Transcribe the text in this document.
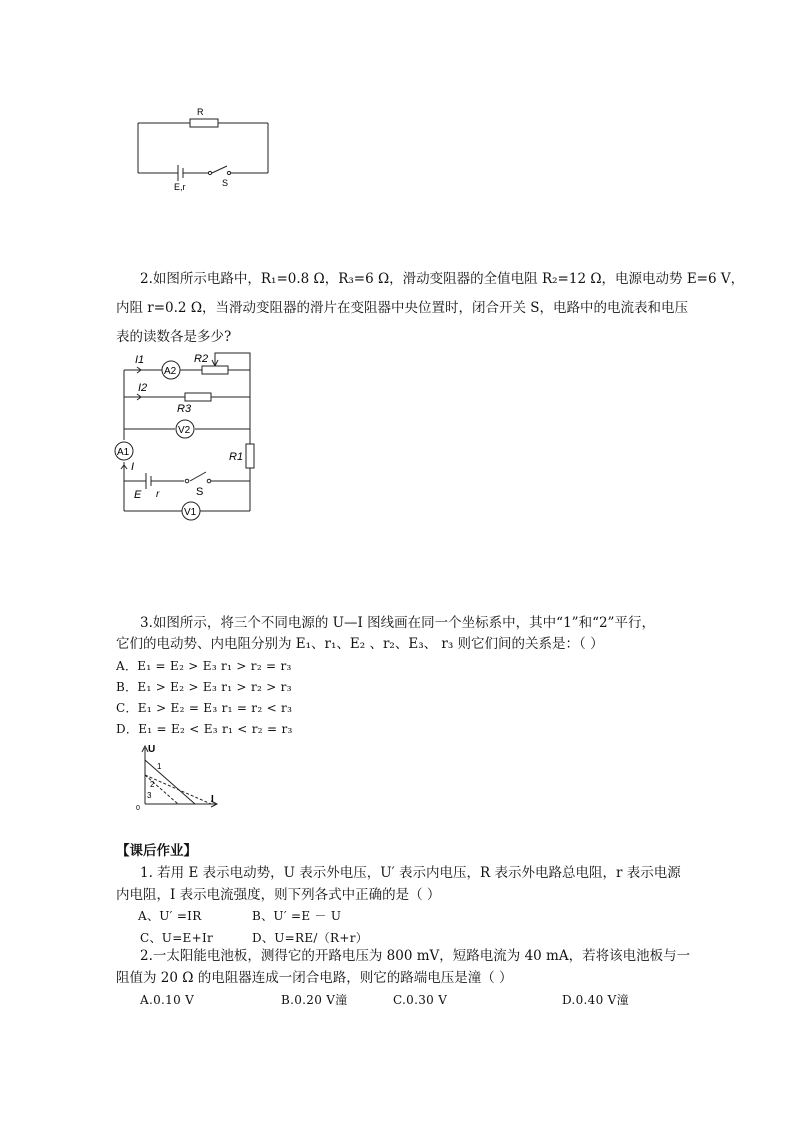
R
E,r	S
2.如图所示电路中，R₁=0.8 Ω，R₃=6 Ω，滑动变阻器的全值电阻 R₂=12 Ω，电源电动势 E=6 V，
内阻 r=0.2 Ω，当滑动变阻器的滑片在变阻器中央位置时，闭合开关 S，电路中的电流表和电压
表的读数各是多少?
I1
A2
R2
I2
R3
V2
A1
I
R1
E r	S
V1
3.如图所示，将三个不同电源的 U—I 图线画在同一个坐标系中，其中“1”和“2”平行，
它们的电动势、内电阻分别为 E₁、r₁、E₂ 、r₂、E₃、 r₃ 则它们间的关系是：（ ）
A．E₁ = E₂ > E₃ r₁ > r₂ = r₃
B．E₁ > E₂ > E₃ r₁ > r₂ > r₃
C．E₁ > E₂ = E₃ r₁ = r₂ < r₃
D．E₁ = E₂ < E₃ r₁ < r₂ = r₃
U
I
0
1
2
3
【课后作业】
1. 若用 E 表示电动势，U 表示外电压，U′ 表示内电压，R 表示外电路总电阻，r 表示电源
内电阻，I 表示电流强度，则下列各式中正确的是（ ）
A、U′ =IR	B、U′ =E － U
C、U=E+Ir	D、U=RE/（R+r）
2.一太阳能电池板，测得它的开路电压为 800 mV，短路电流为 40 mA，若将该电池板与一
阻值为 20 Ω 的电阻器连成一闭合电路，则它的路端电压是潼（ ）
A.0.10 V	B.0.20 V潼	C.0.30 V	D.0.40 V潼
